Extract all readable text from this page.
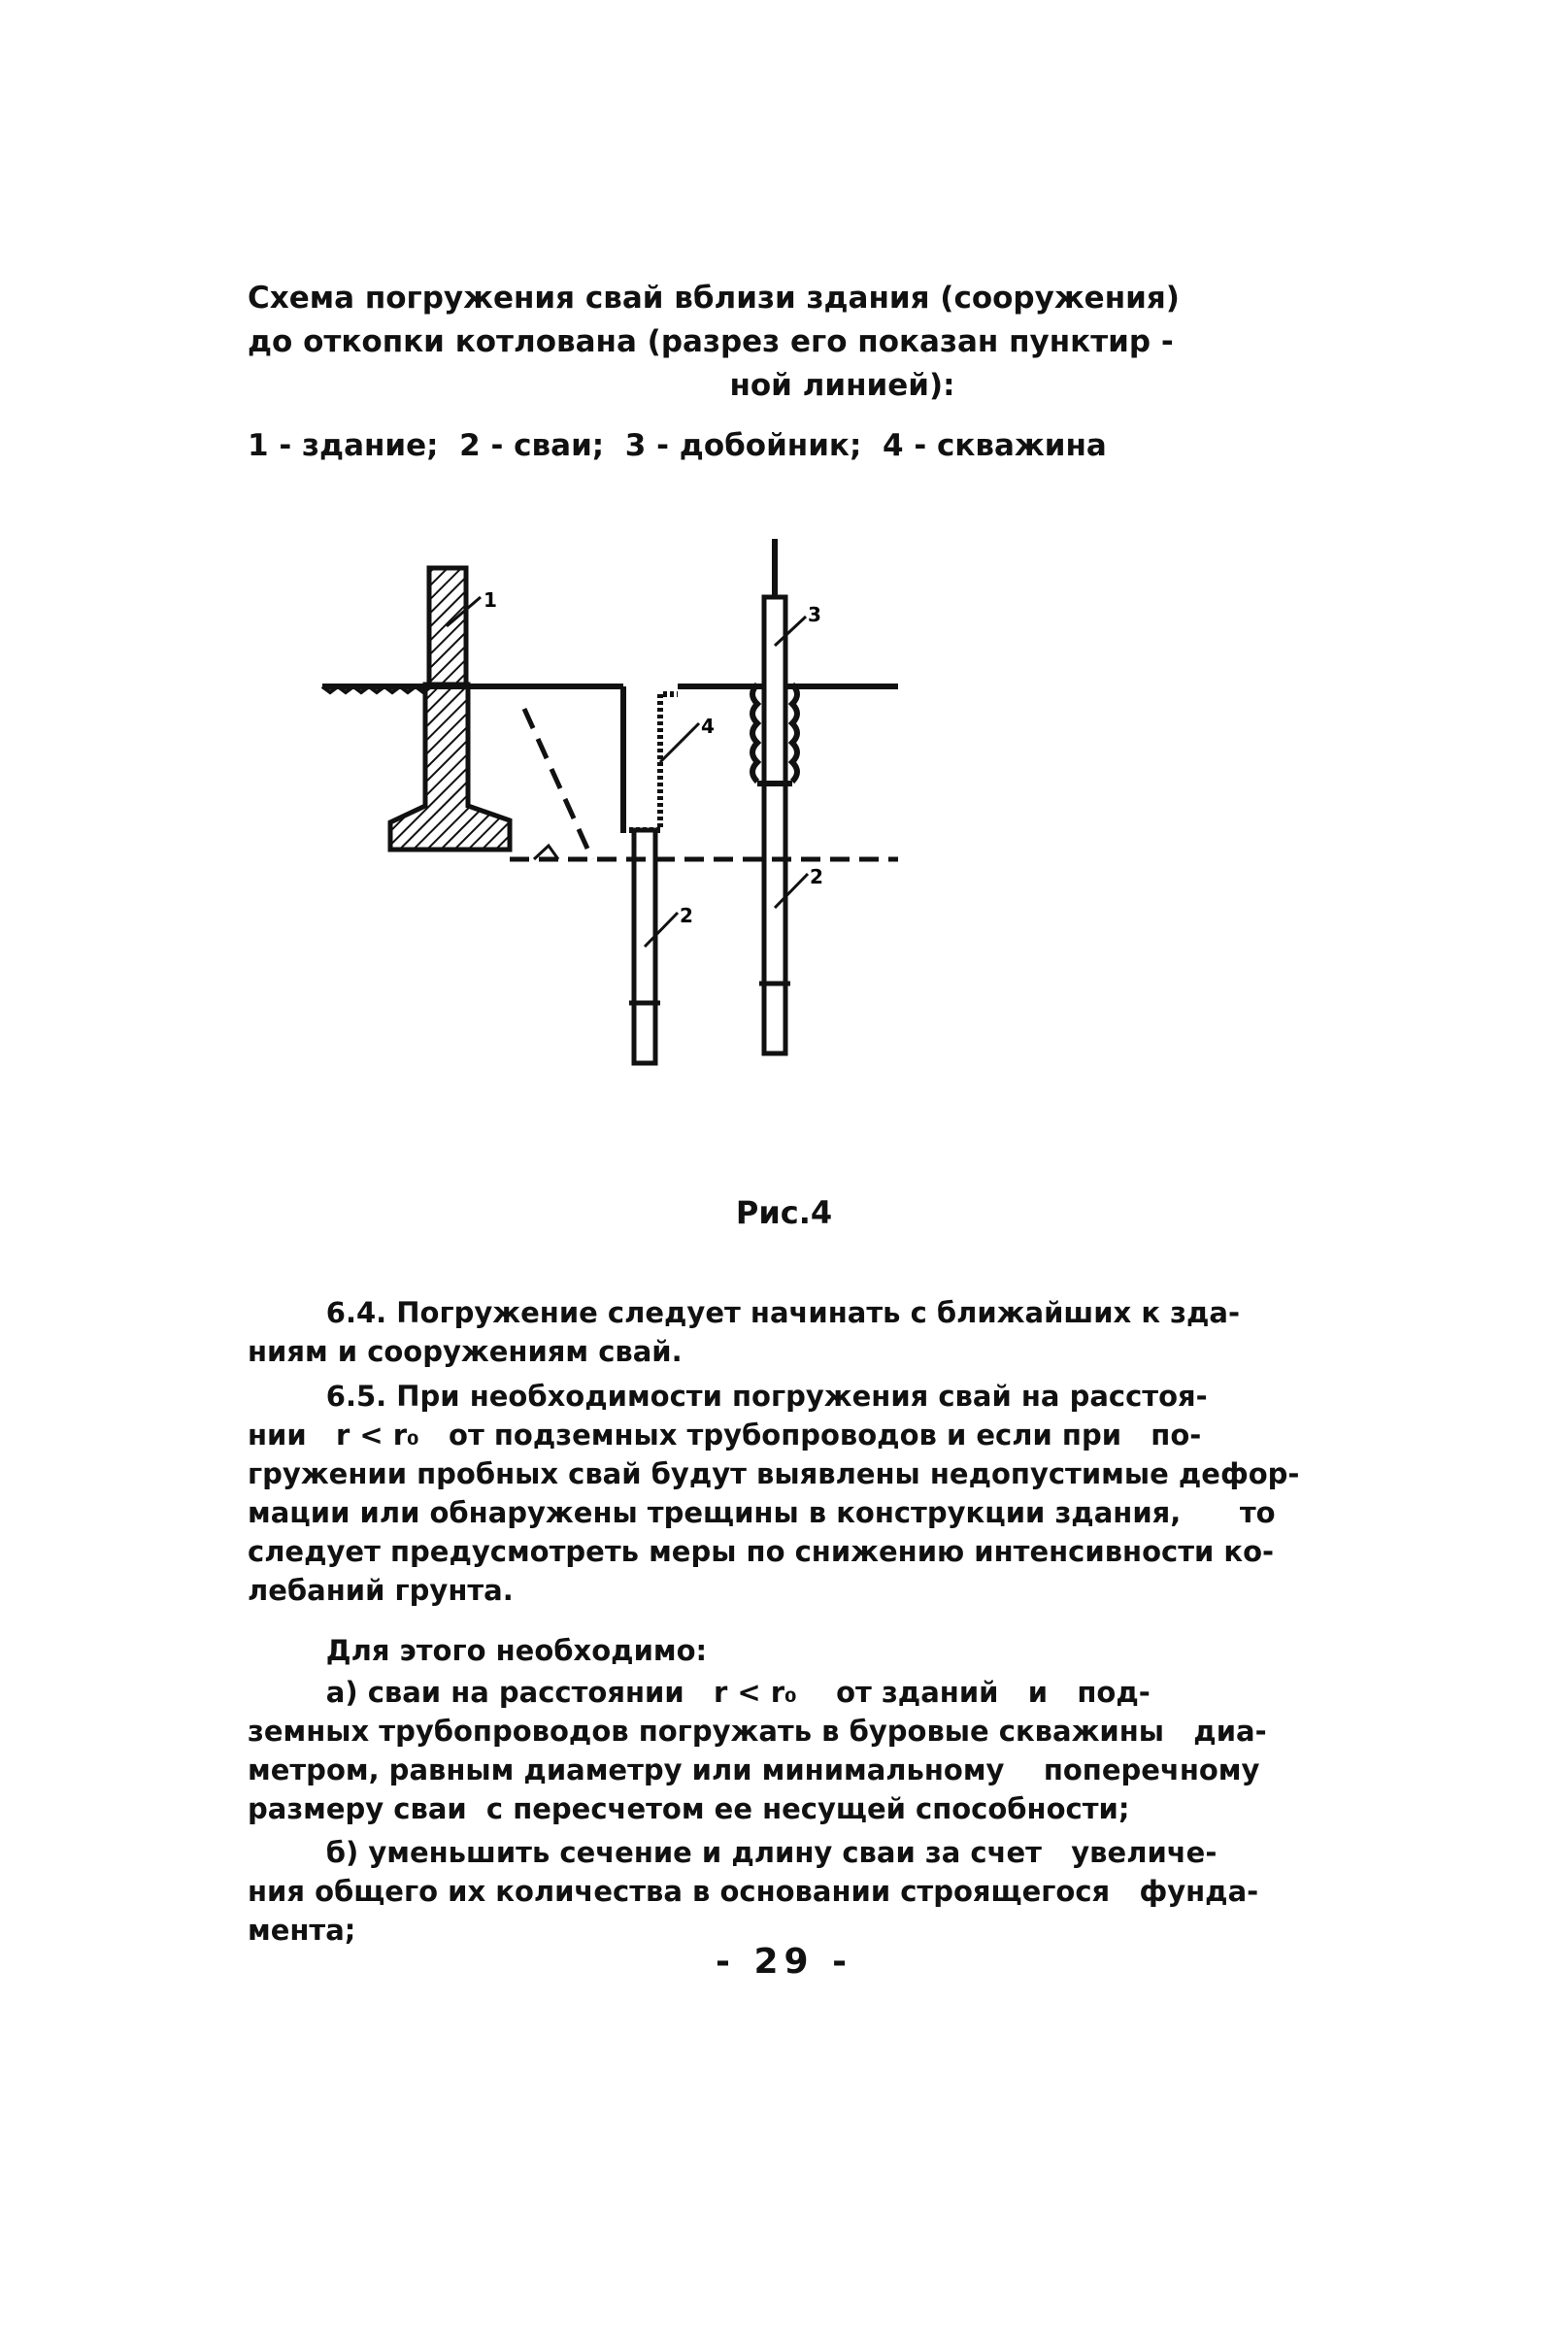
Схема погружения свай вблизи здания (сооружения)
до откопки котлована (разрез его показан пунктир -
ной линией):
1 - здание;  2 - сваи;  3 - добойник;  4 - скважина
1
3
4
2
2
Рис.4
6.4. Погружение следует начинать с ближайших к зда-
ниям и сооружениям свай.
6.5. При необходимости погружения свай на расстоя-
нии   r < r₀   от подземных трубопроводов и если при   по-
гружении пробных свай будут выявлены недопустимые дефор-
мации или обнаружены трещины в конструкции здания,      то
следует предусмотреть меры по снижению интенсивности ко-
лебаний грунта.
Для этого необходимо:
а) сваи на расстоянии   r < r₀    от зданий   и   под-
земных трубопроводов погружать в буровые скважины   диа-
метром, равным диаметру или минимальному    поперечному
размеру сваи  с пересчетом ее несущей способности;
б) уменьшить сечение и длину сваи за счет   увеличе-
ния общего их количества в основании строящегося   фунда-
мента;
- 29 -
